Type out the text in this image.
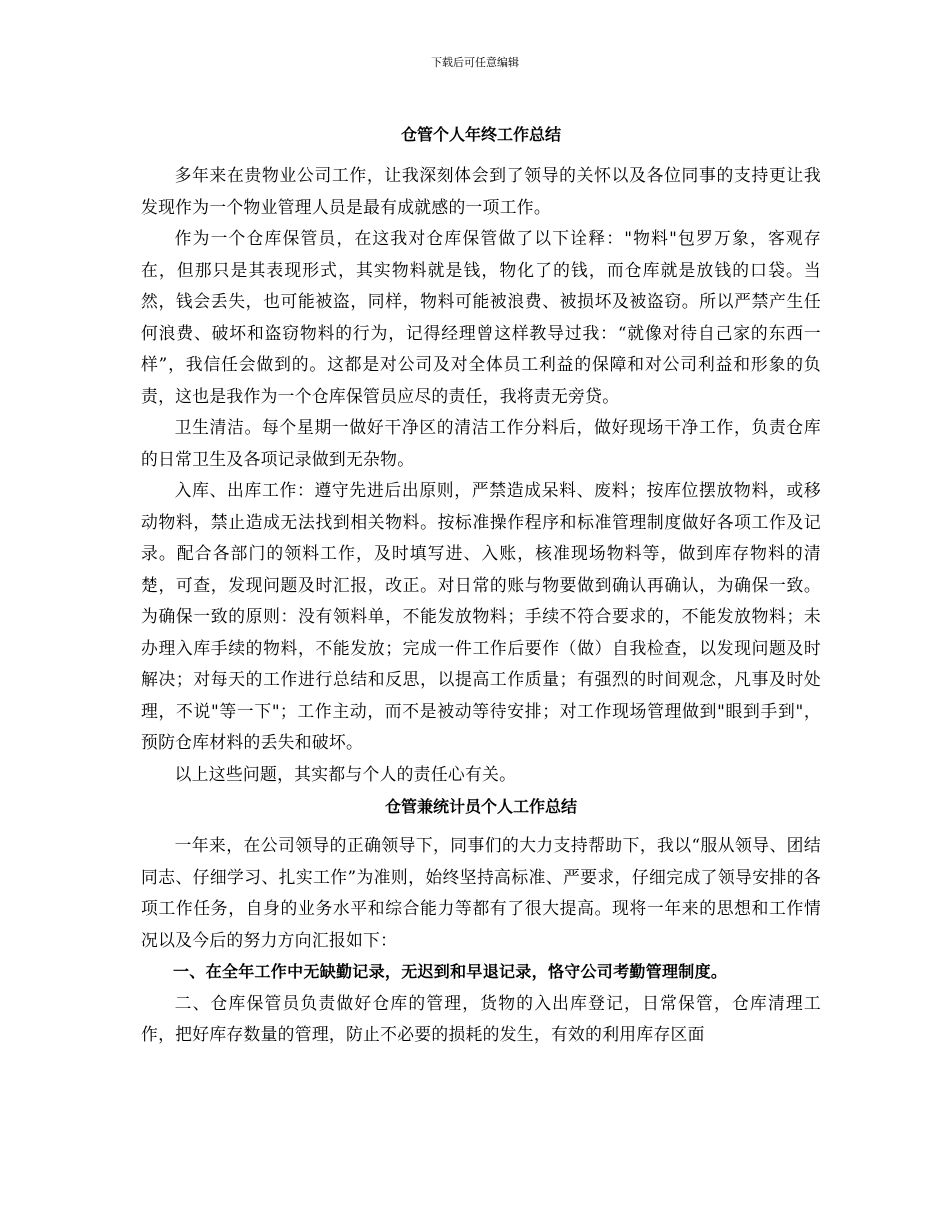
下载后可任意编辑
仓管个人年终工作总结

多年来在贵物业公司工作，让我深刻体会到了领导的关怀以及各位同事的支持更让我发现作为一个物业管理人员是最有成就感的一项工作。

作为一个仓库保管员，在这我对仓库保管做了以下诠释："物料"包罗万象，客观存在，但那只是其表现形式，其实物料就是钱，物化了的钱，而仓库就是放钱的口袋。当然，钱会丢失，也可能被盗，同样，物料可能被浪费、被损坏及被盗窃。所以严禁产生任何浪费、破坏和盗窃物料的行为，记得经理曾这样教导过我：“就像对待自己家的东西一样”，我信任会做到的。这都是对公司及对全体员工利益的保障和对公司利益和形象的负责，这也是我作为一个仓库保管员应尽的责任，我将责无旁贷。

卫生清洁。每个星期一做好干净区的清洁工作分料后，做好现场干净工作，负责仓库的日常卫生及各项记录做到无杂物。

入库、出库工作：遵守先进后出原则，严禁造成呆料、废料；按库位摆放物料，或移动物料，禁止造成无法找到相关物料。按标准操作程序和标准管理制度做好各项工作及记录。配合各部门的领料工作，及时填写进、入账，核准现场物料等，做到库存物料的清楚，可查，发现问题及时汇报，改正。对日常的账与物要做到确认再确认，为确保一致。为确保一致的原则：没有领料单，不能发放物料；手续不符合要求的，不能发放物料；未办理入库手续的物料，不能发放；完成一件工作后要作（做）自我检查，以发现问题及时解决；对每天的工作进行总结和反思，以提高工作质量；有强烈的时间观念，凡事及时处理，不说"等一下"；工作主动，而不是被动等待安排；对工作现场管理做到"眼到手到"，预防仓库材料的丢失和破坏。

以上这些问题，其实都与个人的责任心有关。

仓管兼统计员个人工作总结

一年来，在公司领导的正确领导下，同事们的大力支持帮助下，我以“服从领导、团结同志、仔细学习、扎实工作”为准则，始终坚持高标准、严要求，仔细完成了领导安排的各项工作任务，自身的业务水平和综合能力等都有了很大提高。现将一年来的思想和工作情况以及今后的努力方向汇报如下：

一、在全年工作中无缺勤记录，无迟到和早退记录，恪守公司考勤管理制度。

二、仓库保管员负责做好仓库的管理，货物的入出库登记，日常保管，仓库清理工作，把好库存数量的管理，防止不必要的损耗的发生，有效的利用库存区面
